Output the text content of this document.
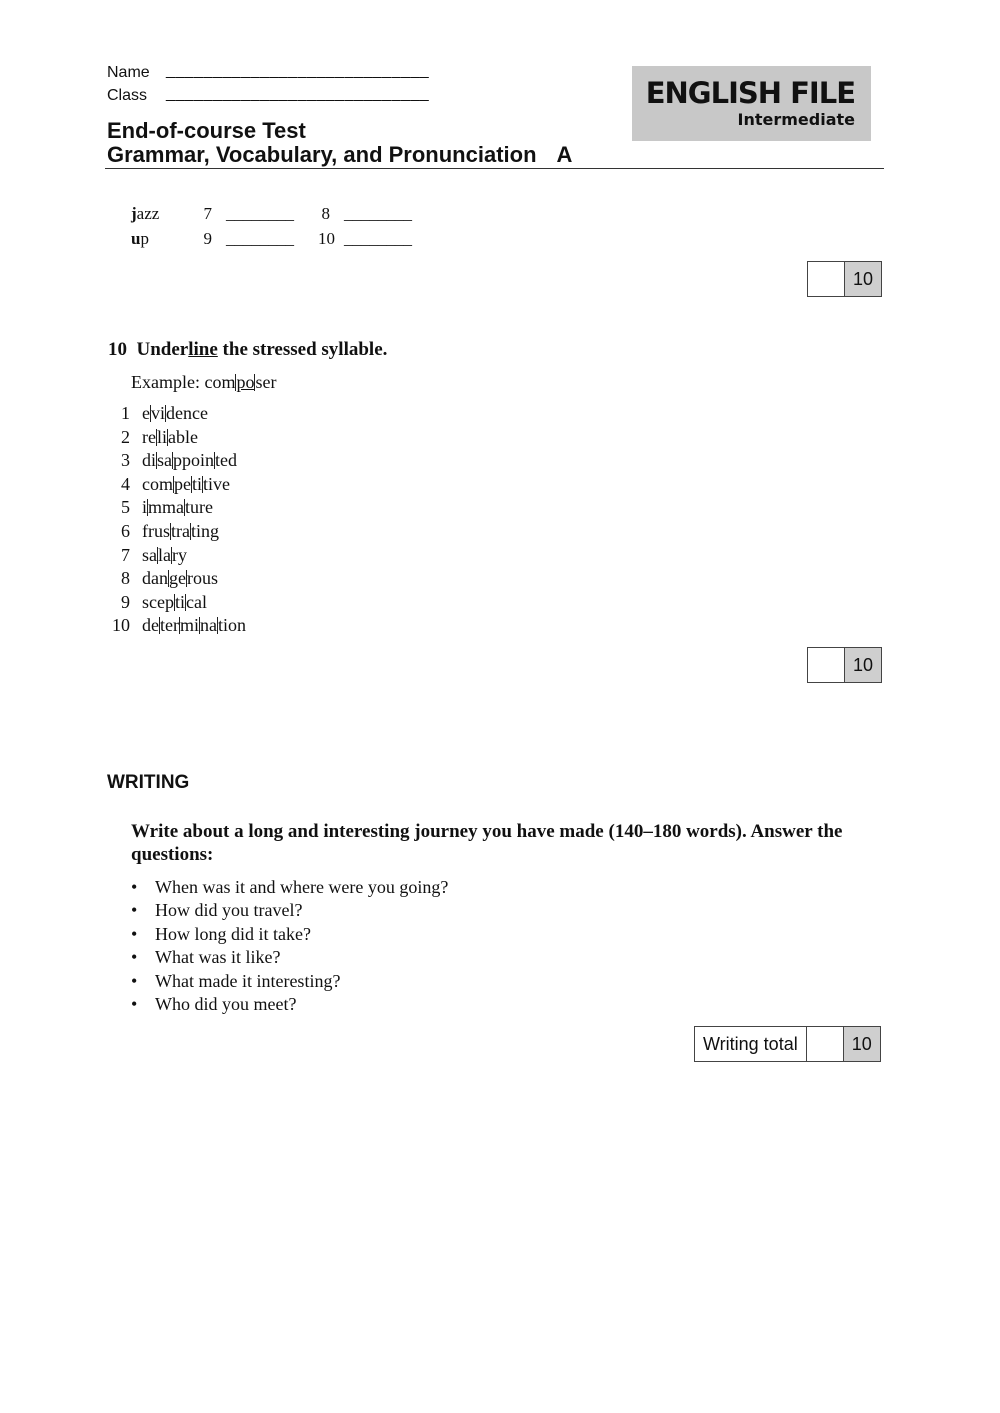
Name ____________________________
Class ____________________________	ENGLISH FILE
Intermediate
End-of-course Test
Grammar, Vocabulary, and Pronunciation A
jazz	7 ________ 8 ________
up	9 ________ 10 ________
10
10 Underline the stressed syllable.
Example: composer
1 evidence
2 reliable
3 disappointed
4 competitive
5 immature
6 frustrating
7 salary
8 dangerous
9 sceptical
10 determination
10
WRITING
Write about a long and interesting journey you have made (140–180 words). Answer the questions:
• When was it and where were you going?
• How did you travel?
• How long did it take?
• What was it like?
• What made it interesting?
• Who did you meet?
Writing total	10
